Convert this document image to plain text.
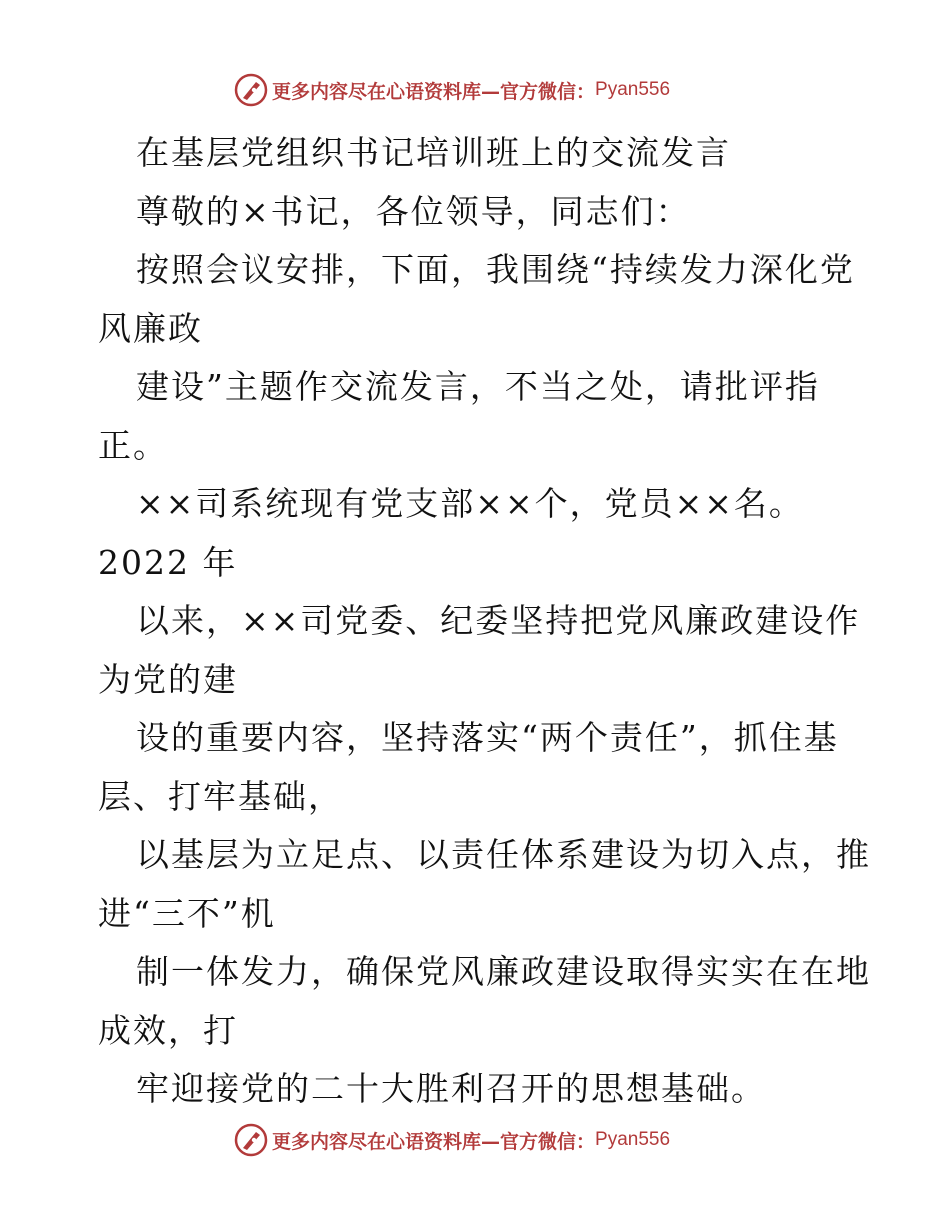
更多内容尽在心语资料库—官方微信： Pyan556
在基层党组织书记培训班上的交流发言
尊敬的×书记，各位领导，同志们：
按照会议安排，下面，我围绕“持续发力深化党
风廉政
建设”主题作交流发言，不当之处，请批评指
正。
××司系统现有党支部××个，党员××名。
2022 年
以来，××司党委、纪委坚持把党风廉政建设作
为党的建
设的重要内容，坚持落实“两个责任”，抓住基
层、打牢基础，
以基层为立足点、以责任体系建设为切入点，推
进“三不”机
制一体发力，确保党风廉政建设取得实实在在地
成效，打
牢迎接党的二十大胜利召开的思想基础。
更多内容尽在心语资料库—官方微信： Pyan556
